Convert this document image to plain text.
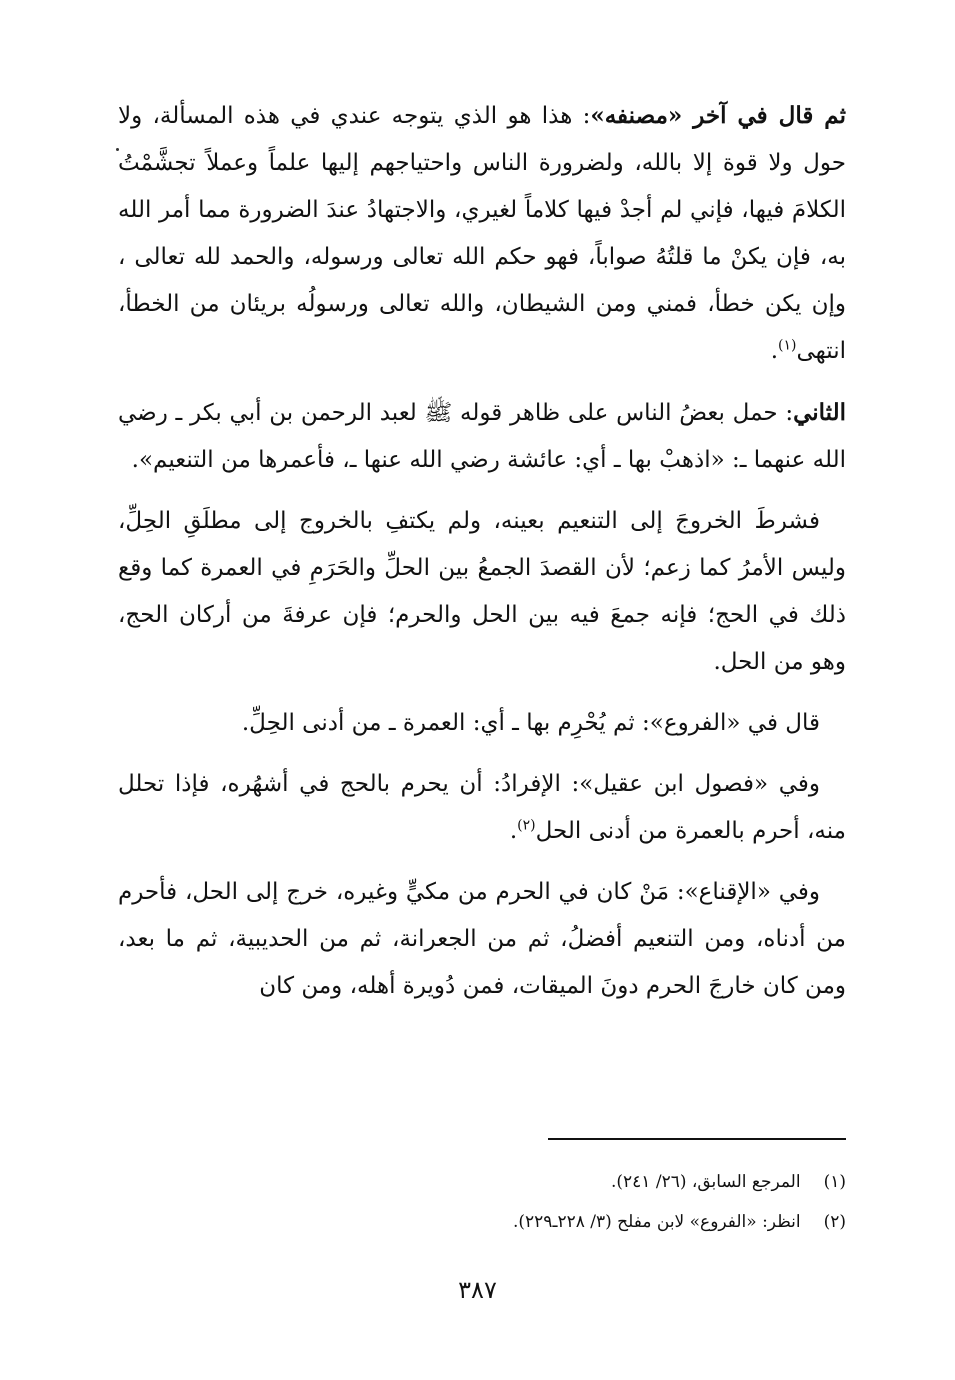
ثم قال في آخر «مصنفه»: هذا هو الذي يتوجه عندي في هذه المسألة، ولا حول ولا قوة إلا بالله، ولضرورة الناس واحتياجهم إليها علماً وعملاً تجشَّمْتُ الكلامَ فيها، فإني لم أجدْ فيها كلاماً لغيري، والاجتهادُ عندَ الضرورة مما أمر الله به، فإن يكنْ ما قلتُهُ صواباً، فهو حكم الله تعالى ورسوله، والحمد لله تعالى ، وإن يكن خطأ، فمني ومن الشيطان، والله تعالى ورسولُه بريئان من الخطأ، انتهى$^{(١)}$.

الثاني: حمل بعضُ الناس على ظاهر قوله ﷺ لعبد الرحمن بن أبي بكر ـ رضي الله عنهما ـ: «اذهبْ بها ـ أي: عائشة رضي الله عنها ـ، فأعمرها من التنعيم».

فشرطَ الخروجَ إلى التنعيم بعينه، ولم يكتفِ بالخروج إلى مطلَقِ الحِلِّ، وليس الأمرُ كما زعم؛ لأن القصدَ الجمعُ بين الحلِّ والحَرَمِ في العمرة كما وقع ذلك في الحج؛ فإنه جمعَ فيه بين الحل والحرم؛ فإن عرفةَ من أركان الحج، وهو من الحل.

قال في «الفروع»: ثم يُحْرِم بها ـ أي: العمرة ـ من أدنى الحِلِّ.

وفي «فصول ابن عقيل»: الإفرادُ: أن يحرم بالحج في أشهُره، فإذا تحلل منه، أحرم بالعمرة من أدنى الحل$^{(٢)}$.

وفي «الإقناع»: مَنْ كان في الحرم من مكيٍّ وغيره، خرج إلى الحل، فأحرم من أدناه، ومن التنعيم أفضلُ، ثم من الجعرانة، ثم من الحديبية، ثم ما بعد، ومن كان خارجَ الحرم دونَ الميقات، فمن دُويرة أهله، ومن كان

(١) المرجع السابق، (٢٦/ ٢٤١).
(٢) انظر: «الفروع» لابن مفلح (٣/ ٢٢٨ـ٢٢٩).
٣٨٧
